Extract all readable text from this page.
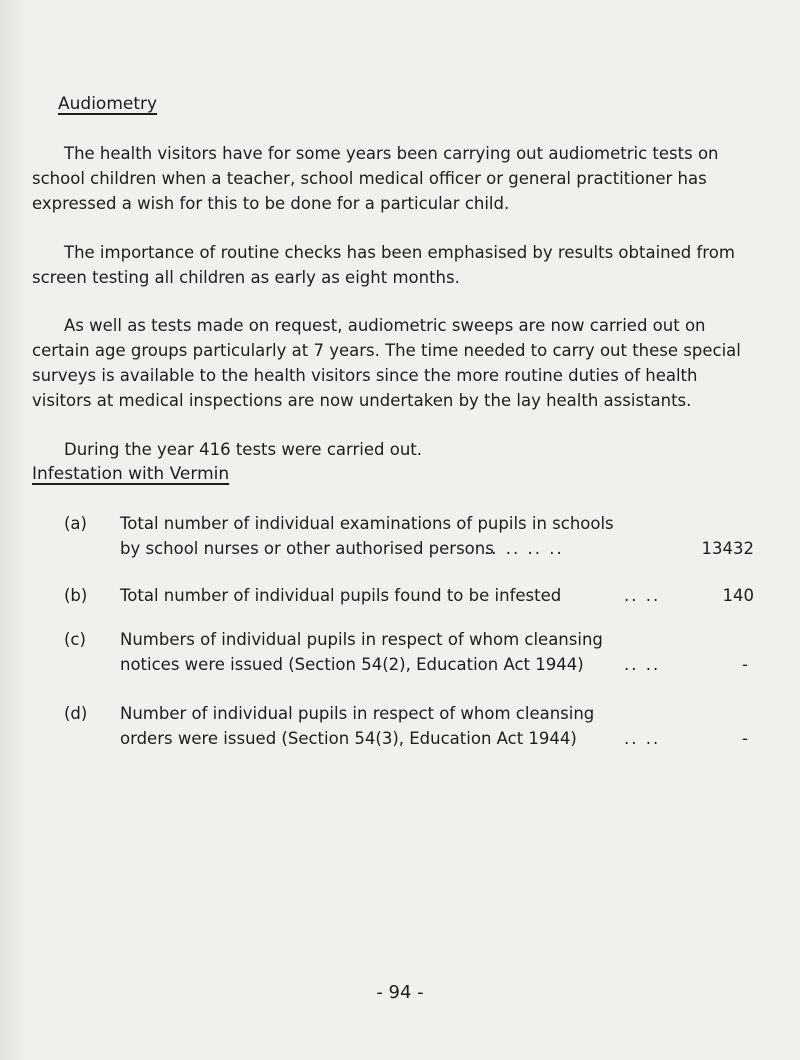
Audiometry

The health visitors have for some years been carrying out audiometric tests on school children when a teacher, school medical officer or general practitioner has expressed a wish for this to be done for a particular child.

The importance of routine checks has been emphasised by results obtained from screen testing all children as early as eight months.

As well as tests made on request, audiometric sweeps are now carried out on certain age groups particularly at 7 years. The time needed to carry out these special surveys is available to the health visitors since the more routine duties of health visitors at medical inspections are now undertaken by the lay health assistants.

During the year 416 tests were carried out.

Infestation with Vermin
(a) Total number of individual examinations of pupils in schools
by school nurses or other authorised persons
.. .. .. ..	13432
(b) Total number of individual pupils found to be infested	.. ..	140
(c) Numbers of individual pupils in respect of whom cleansing
notices were issued (Section 54(2), Education Act 1944)	.. ..	-
(d) Number of individual pupils in respect of whom cleansing
orders were issued (Section 54(3), Education Act 1944)	.. ..	-
- 94 -
